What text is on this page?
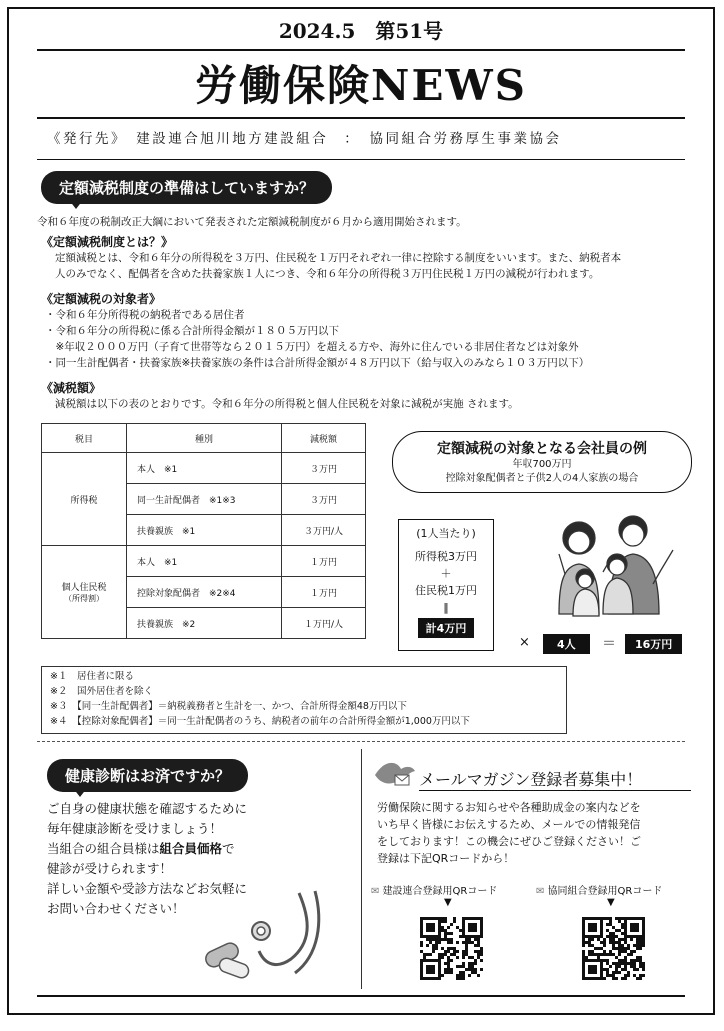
2024.5　第51号
労働保険NEWS
《発行先》　建設連合旭川地方建設組合　：　協同組合労務厚生事業協会
定額減税制度の準備はしていますか？
令和６年度の税制改正大綱において発表された定額減税制度が６月から適用開始されます。
《定額減税制度とは？》
定額減税とは、令和６年分の所得税を３万円、住民税を１万円それぞれ一律に控除する制度をいいます。また、納税者本
人のみでなく、配偶者を含めた扶養家族１人につき、令和６年分の所得税３万円住民税１万円の減税が行われます。
《定額減税の対象者》
・令和６年分所得税の納税者である居住者
・令和６年分の所得税に係る合計所得金額が１８０５万円以下
　※年収２０００万円（子育て世帯等なら２０１５万円）を超える方や、海外に住んでいる非居住者などは対象外
・同一生計配偶者・扶養家族※扶養家族の条件は合計所得金額が４８万円以下（給与収入のみなら１０３万円以下）
《減税額》
減税額は以下の表のとおりです。令和６年分の所得税と個人住民税を対象に減税が実施 されます。
税目	種別	減税額
所得税	本人　※1	３万円
	同一生計配偶者　※1※3	３万円
	扶養親族　※1	３万円/人

個人住民税
（所得割）	本人　※1	１万円
	控除対象配偶者　※2※4	１万円
	扶養親族　※2	１万円/人
定額減税の対象となる会社員の例
年収700万円
控除対象配偶者と子供2人の4人家族の場合
(1人当たり)
所得税3万円
＋
住民税1万円
‖
計4万円
×	4人	＝	16万円
※１　居住者に限る
※２　国外居住者を除く
※３　【同一生計配偶者】＝納税義務者と生計を一、かつ、合計所得金額48万円以下
※４　【控除対象配偶者】＝同一生計配偶者のうち、納税者の前年の合計所得金額が1,000万円以下
健康診断はお済ですか？
ご自身の健康状態を確認するために
毎年健康診断を受けましょう！
当組合の組合員様は組合員価格で
健診が受けられます！
詳しい金額や受診方法などお気軽に
お問い合わせください！
メールマガジン登録者募集中！
労働保険に関するお知らせや各種助成金の案内などを
いち早く皆様にお伝えするため、メールでの情報発信
をしております！この機会にぜひご登録ください！ご
登録は下記QRコードから！
✉ 建設連合登録用QRコード	✉ 協同組合登録用QRコード
▼	▼
